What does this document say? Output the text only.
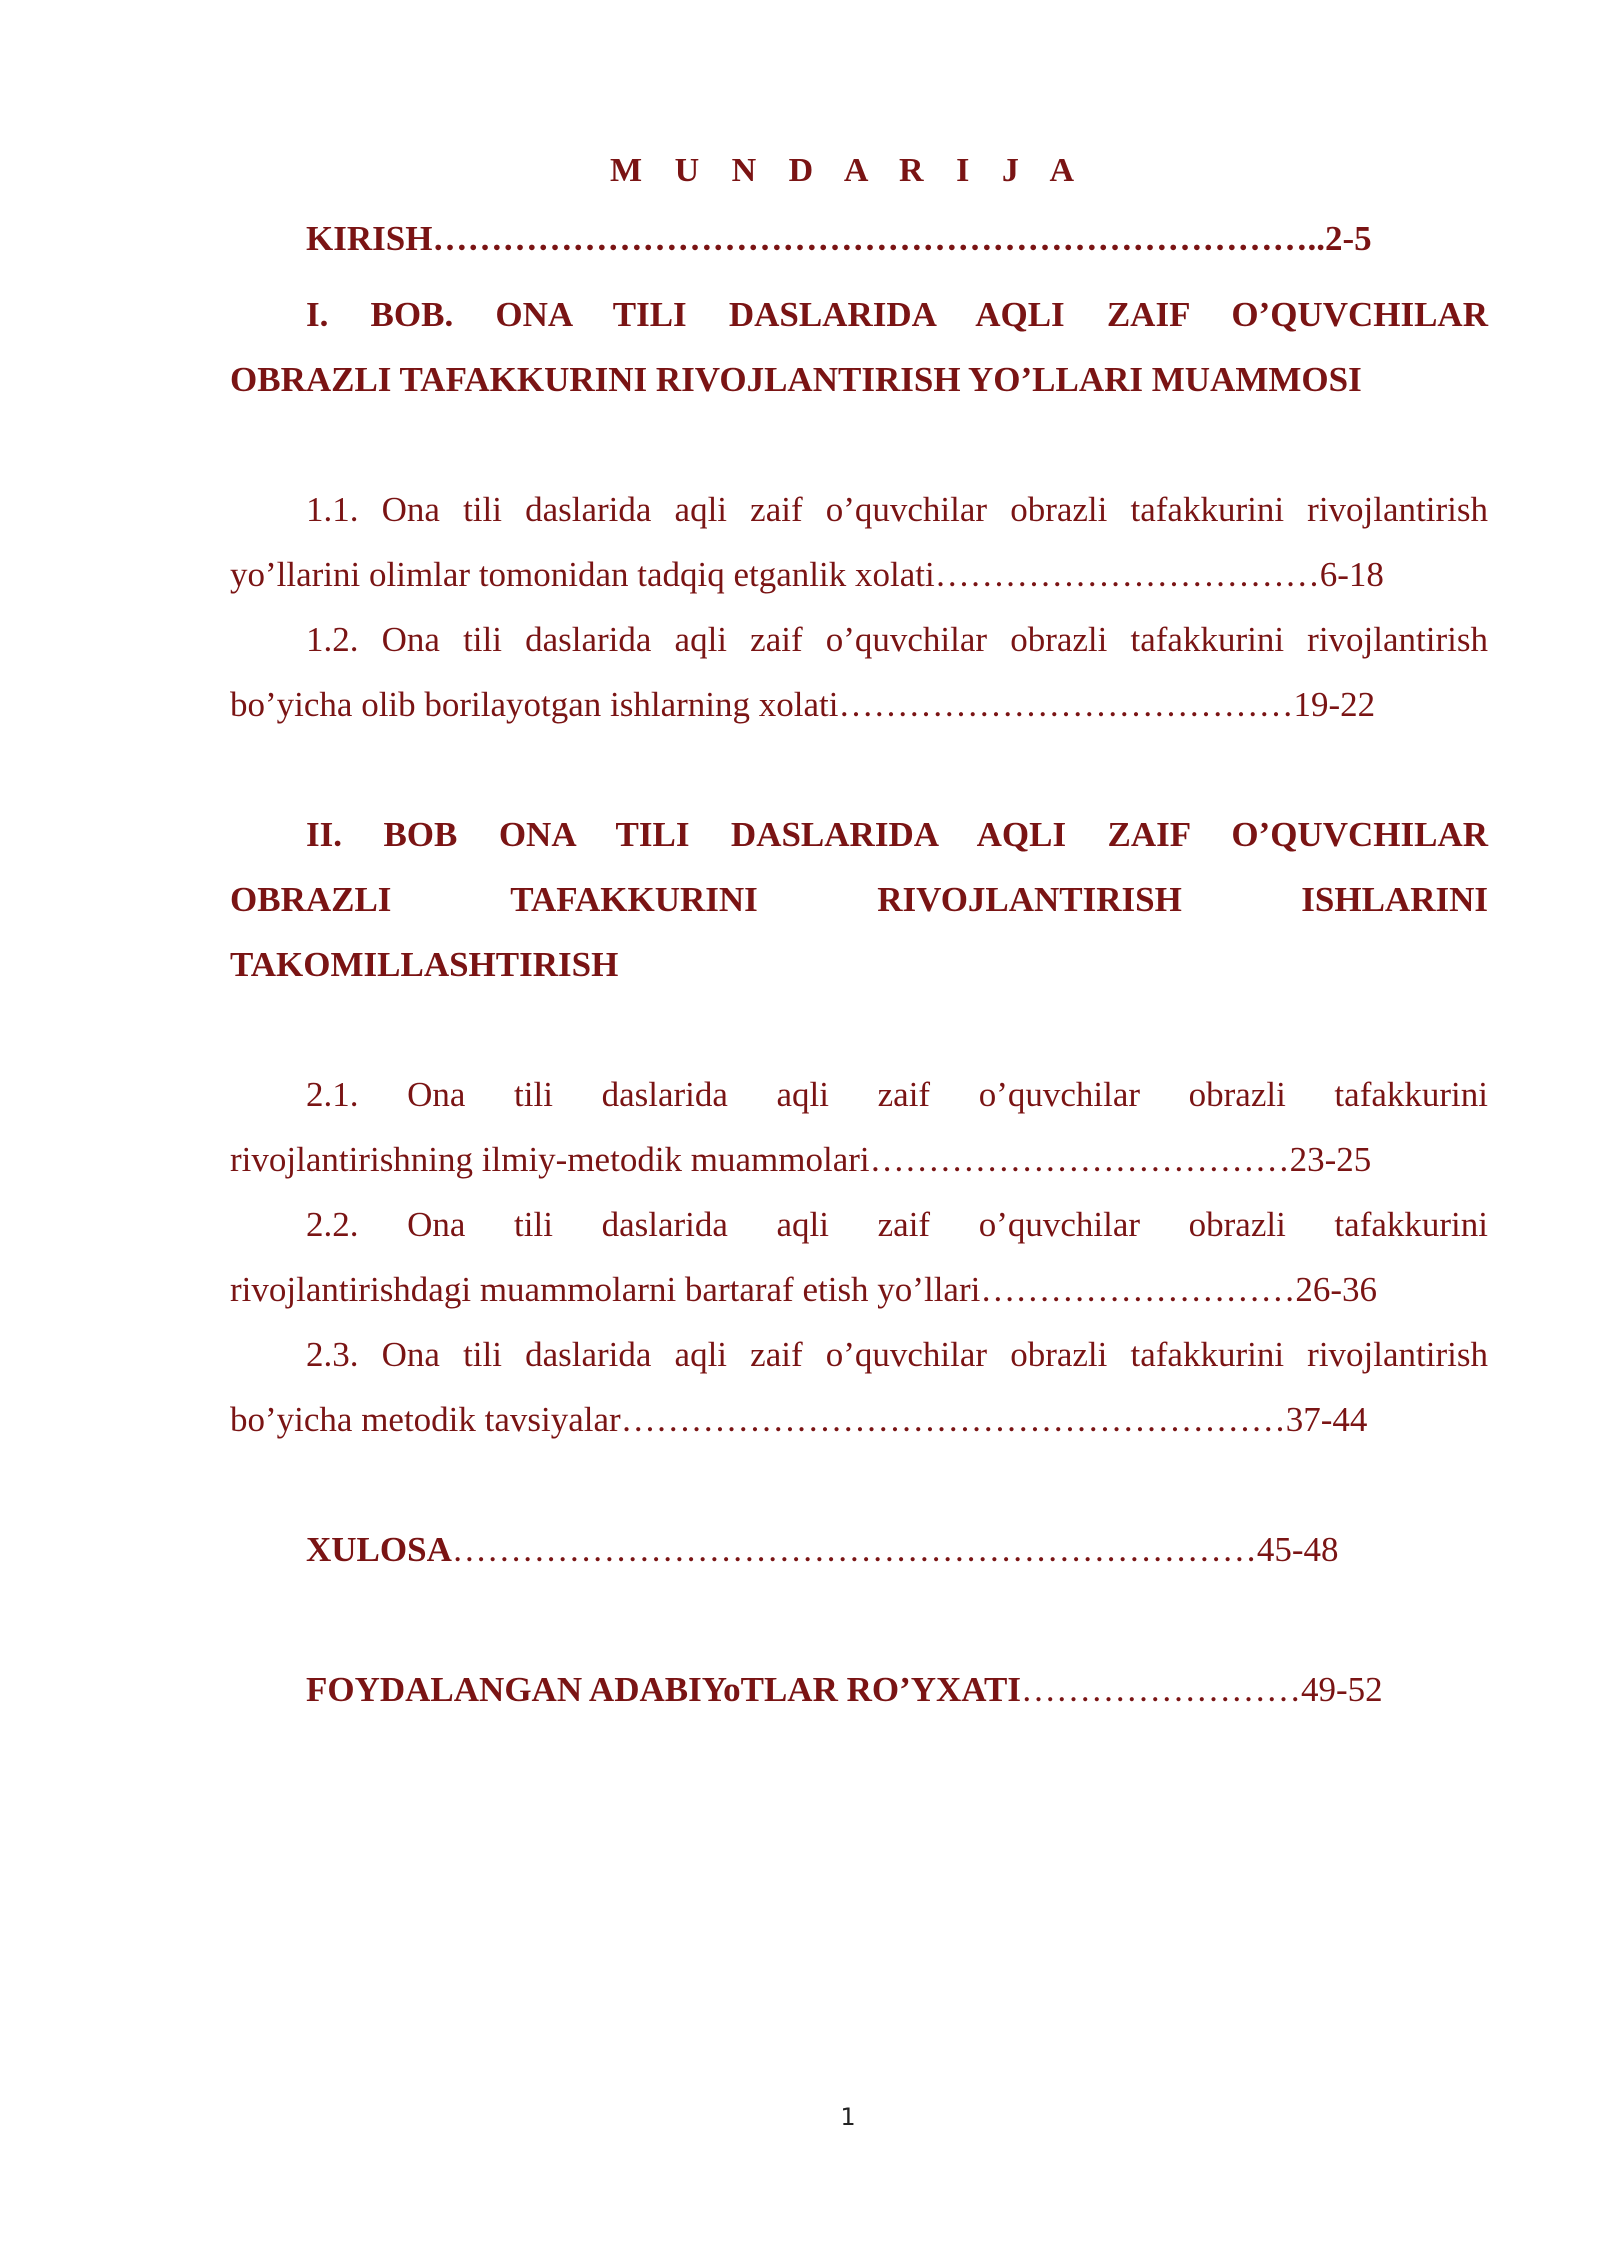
M U N D A R I J A
KIRISH…………………………………………………………………..2-5
I. BOB. ONA TILI DASLARIDA AQLI ZAIF O’QUVCHILAR
OBRAZLI TAFAKKURINI RIVOJLANTIRISH YO’LLARI MUAMMOSI
1.1. Ona tili daslarida aqli zaif o’quvchilar obrazli tafakkurini rivojlantirish
yo’llarini olimlar tomonidan tadqiq etganlik xolati……………………………6-18
1.2. Ona tili daslarida aqli zaif o’quvchilar obrazli tafakkurini rivojlantirish
bo’yicha olib borilayotgan ishlarning xolati…………………………………19-22
II. BOB ONA TILI DASLARIDA AQLI ZAIF O’QUVCHILAR
OBRAZLI TAFAKKURINI RIVOJLANTIRISH ISHLARINI
TAKOMILLASHTIRISH
2.1. Ona tili daslarida aqli zaif o’quvchilar obrazli tafakkurini
rivojlantirishning ilmiy-metodik muammolari………………………………23-25
2.2. Ona tili daslarida aqli zaif o’quvchilar obrazli tafakkurini
rivojlantirishdagi muammolarni bartaraf etish yo’llari………………………26-36
2.3. Ona tili daslarida aqli zaif o’quvchilar obrazli tafakkurini rivojlantirish
bo’yicha metodik tavsiyalar…………………………………………………37-44
XULOSA……………………………………………………………45-48
FOYDALANGAN ADABIYoTLAR RO’YXATI……………………49-52
1
